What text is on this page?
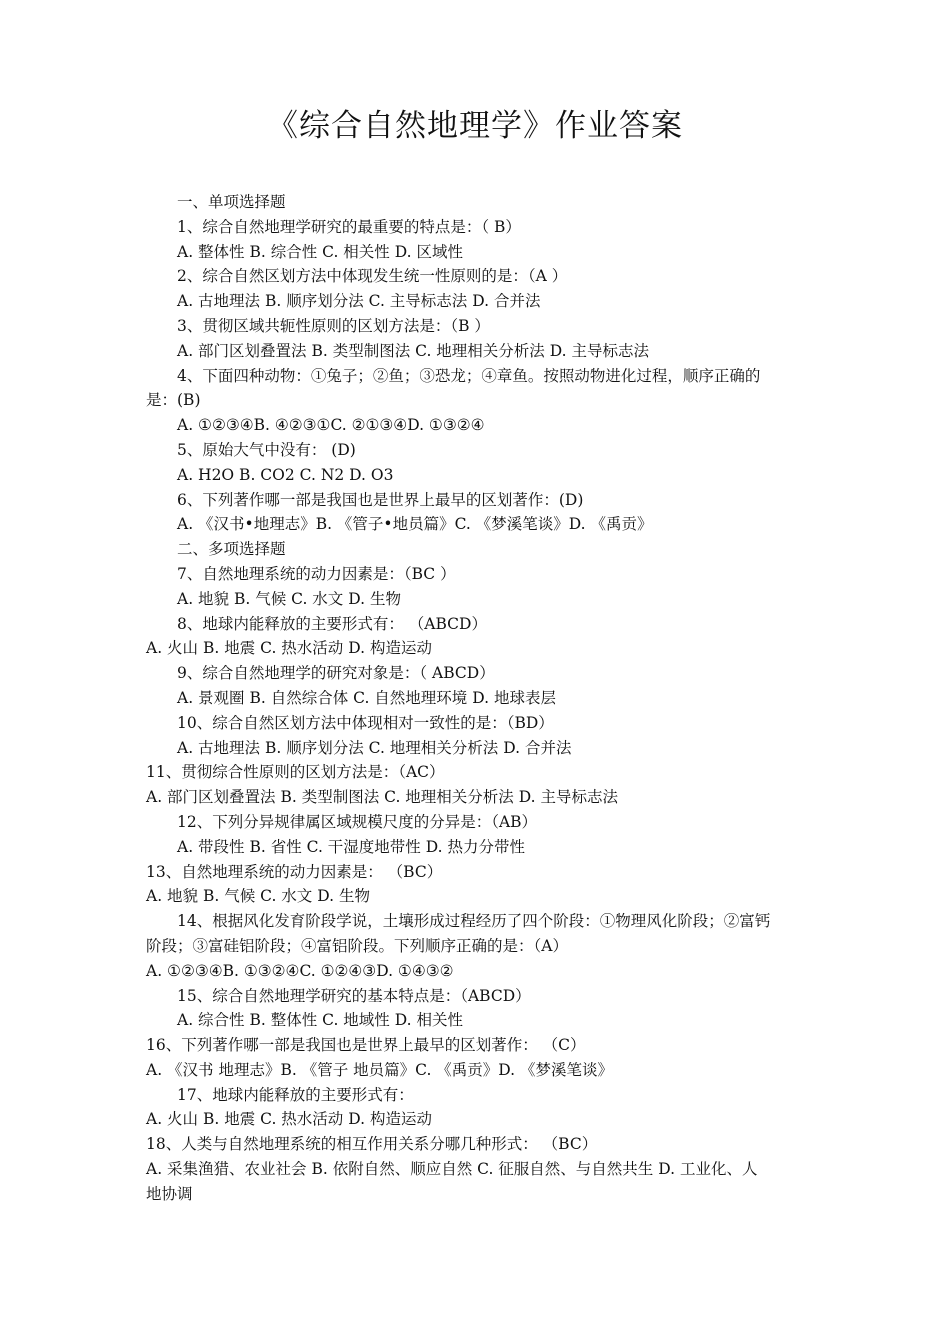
《综合自然地理学》作业答案
一、单项选择题
1、综合自然地理学研究的最重要的特点是：（ B）
A. 整体性 B. 综合性 C. 相关性 D. 区域性
2、综合自然区划方法中体现发生统一性原则的是：（A ）
A. 古地理法 B. 顺序划分法 C. 主导标志法 D. 合并法
3、贯彻区域共轭性原则的区划方法是：（B ）
A. 部门区划叠置法 B. 类型制图法 C. 地理相关分析法 D. 主导标志法
4、下面四种动物：①兔子；②鱼；③恐龙；④章鱼。按照动物进化过程，顺序正确的
是：(B)
A. ①②③④B. ④②③①C. ②①③④D. ①③②④
5、原始大气中没有： (D)
A. H2O B. CO2 C. N2 D. O3
6、下列著作哪一部是我国也是世界上最早的区划著作：(D)
A. 《汉书•地理志》B. 《管子•地员篇》C. 《梦溪笔谈》D. 《禹贡》
二、多项选择题
7、自然地理系统的动力因素是：（BC ）
A. 地貌 B. 气候 C. 水文 D. 生物
8、地球内能释放的主要形式有： （ABCD）
A. 火山 B. 地震 C. 热水活动 D. 构造运动
9、综合自然地理学的研究对象是：（ ABCD）
A. 景观圈 B. 自然综合体 C. 自然地理环境 D. 地球表层
10、综合自然区划方法中体现相对一致性的是：（BD）
A. 古地理法 B. 顺序划分法 C. 地理相关分析法 D. 合并法
11、贯彻综合性原则的区划方法是：（AC）
A. 部门区划叠置法 B. 类型制图法 C. 地理相关分析法 D. 主导标志法
12、下列分异规律属区域规模尺度的分异是：（AB）
A. 带段性 B. 省性 C. 干湿度地带性 D. 热力分带性
13、自然地理系统的动力因素是： （BC）
A. 地貌 B. 气候 C. 水文 D. 生物
14、根据风化发育阶段学说，土壤形成过程经历了四个阶段：①物理风化阶段；②富钙
阶段；③富硅铝阶段；④富铝阶段。下列顺序正确的是：（A）
A. ①②③④B. ①③②④C. ①②④③D. ①④③②
15、综合自然地理学研究的基本特点是：（ABCD）
A. 综合性 B. 整体性 C. 地域性 D. 相关性
16、下列著作哪一部是我国也是世界上最早的区划著作： （C）
A. 《汉书 地理志》B. 《管子 地员篇》C. 《禹贡》D. 《梦溪笔谈》
17、地球内能释放的主要形式有：
A. 火山 B. 地震 C. 热水活动 D. 构造运动
18、人类与自然地理系统的相互作用关系分哪几种形式： （BC）
A. 采集渔猎、农业社会 B. 依附自然、顺应自然 C. 征服自然、与自然共生 D. 工业化、人
地协调
